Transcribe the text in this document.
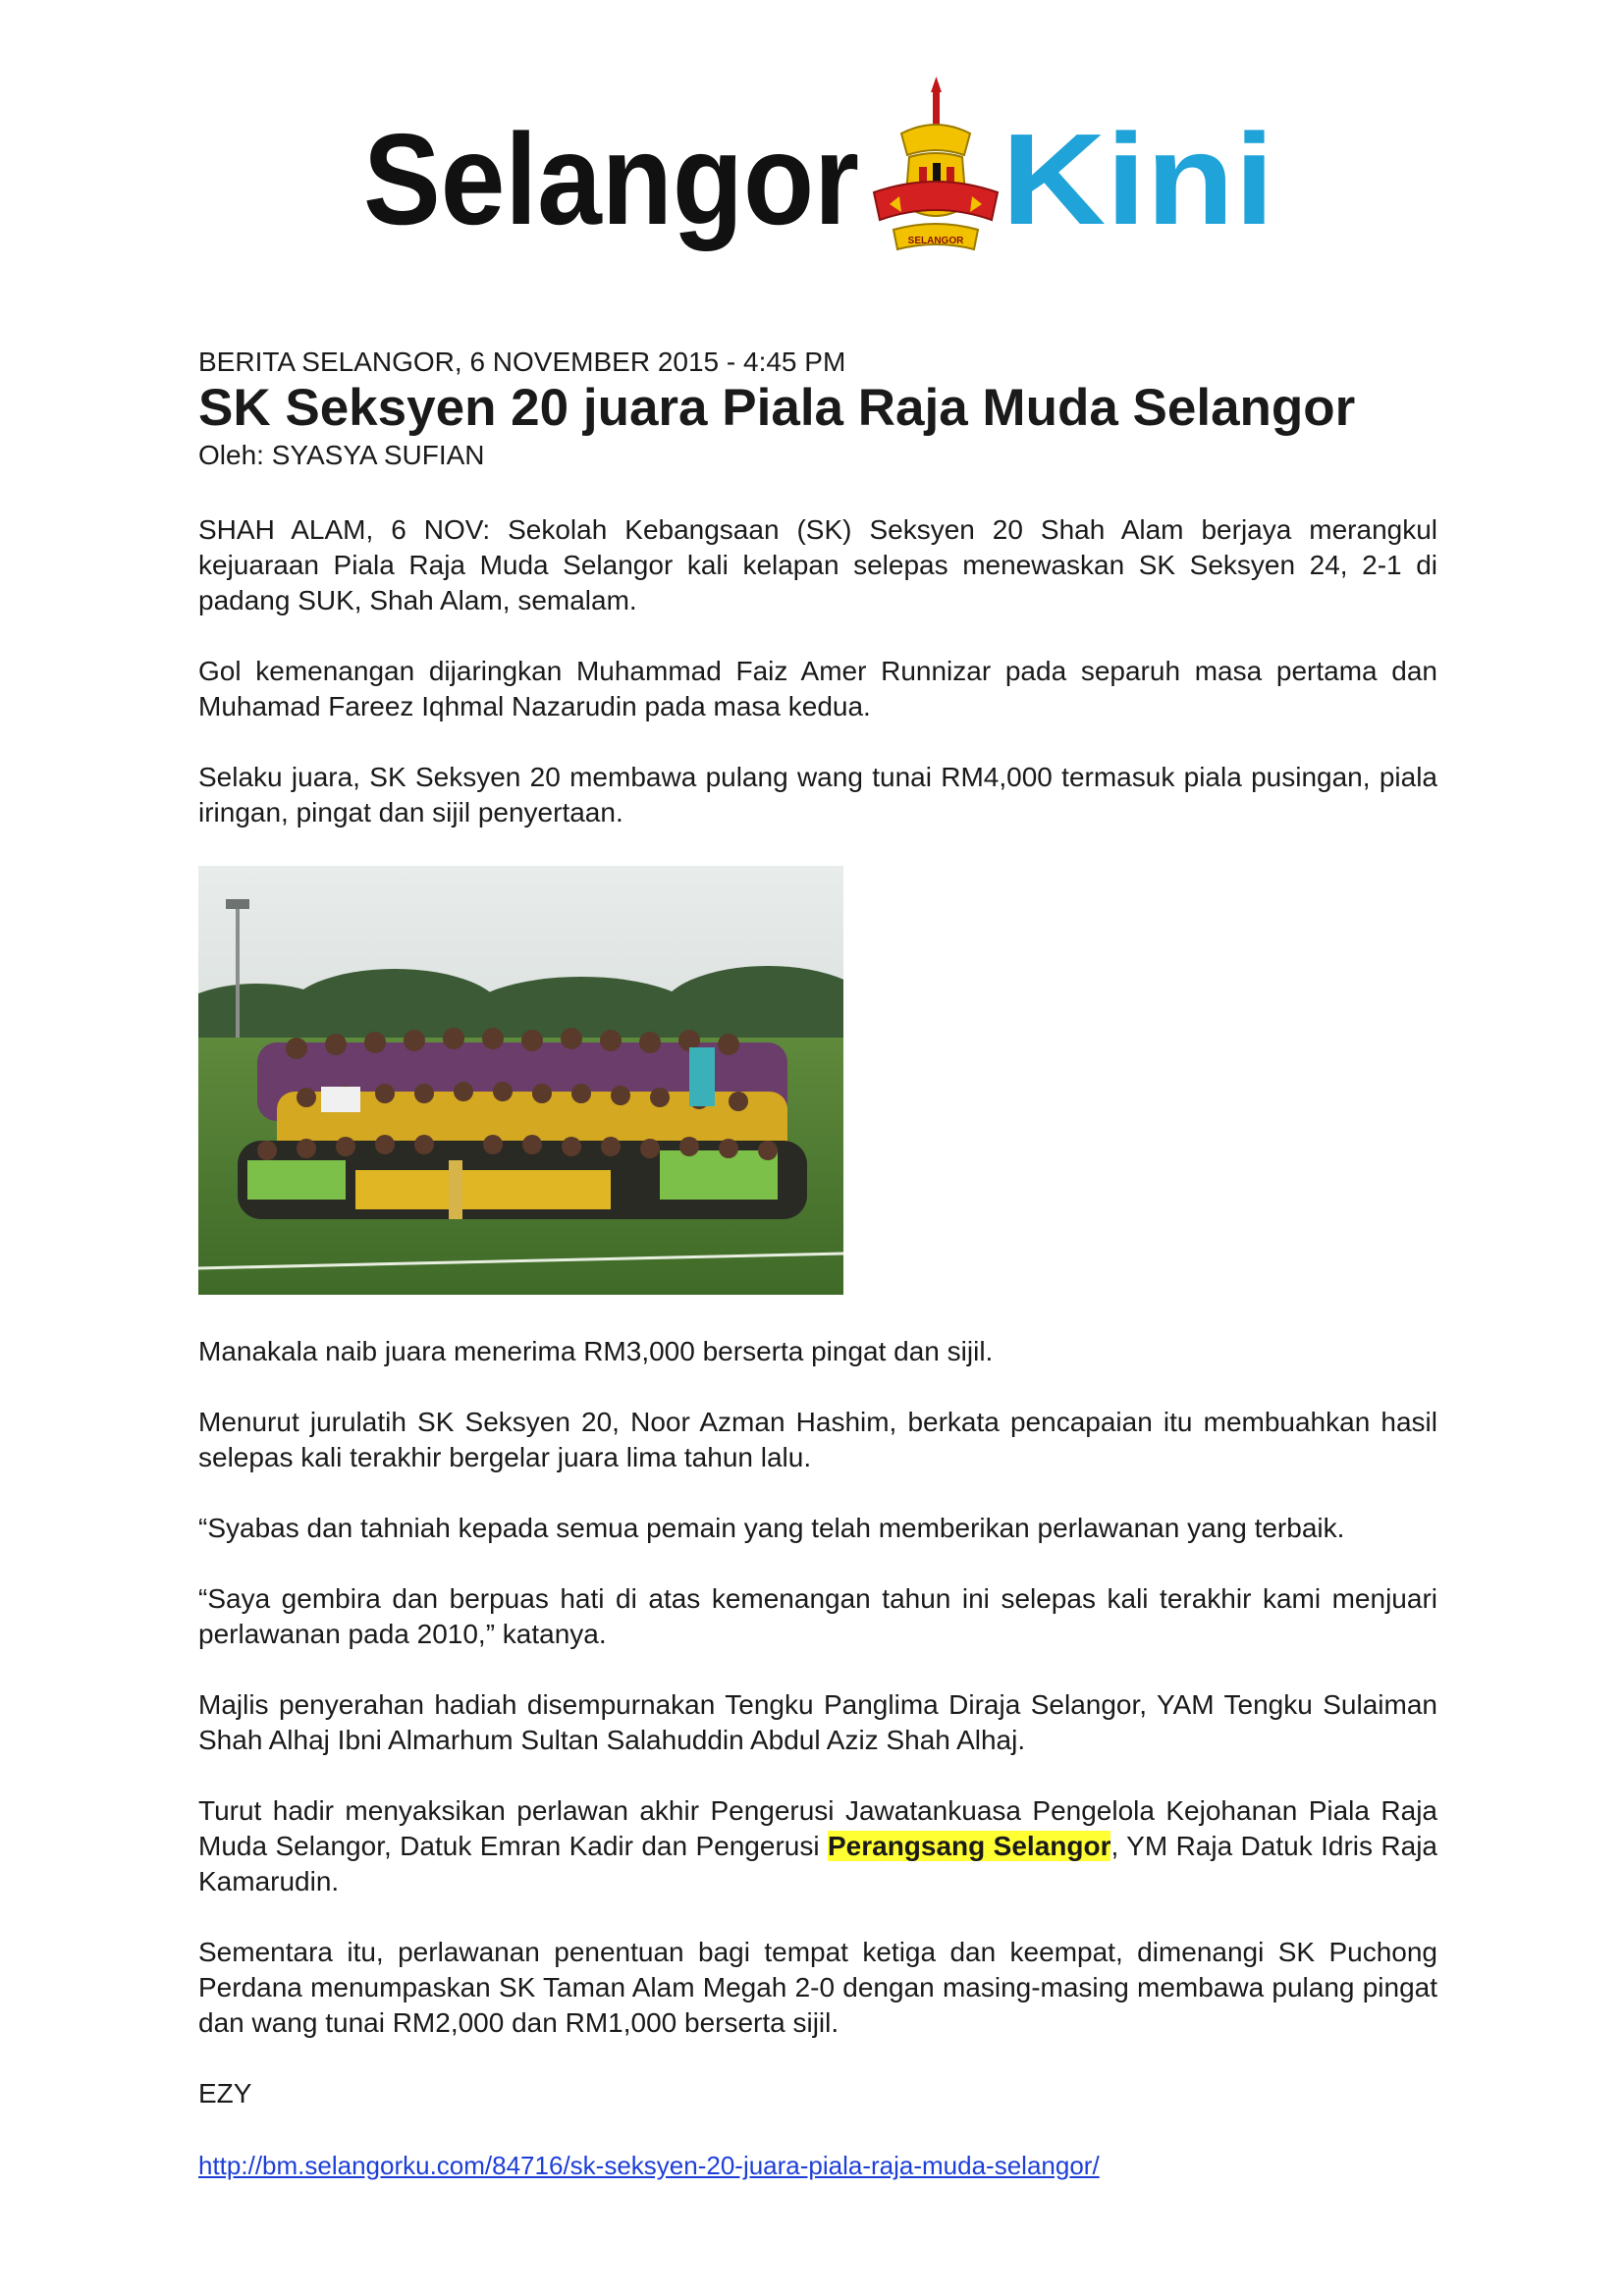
Selangor	SELANGOR Kini

BERITA SELANGOR, 6 NOVEMBER 2015 - 4:45 PM

SK Seksyen 20 juara Piala Raja Muda Selangor

Oleh: SYASYA SUFIAN

SHAH ALAM, 6 NOV: Sekolah Kebangsaan (SK) Seksyen 20 Shah Alam berjaya merangkul kejuaraan Piala Raja Muda Selangor kali kelapan selepas menewaskan SK Seksyen 24, 2-1 di padang SUK, Shah Alam, semalam.

Gol kemenangan dijaringkan Muhammad Faiz Amer Runnizar pada separuh masa pertama dan Muhamad Fareez Iqhmal Nazarudin pada masa kedua.

Selaku juara, SK Seksyen 20 membawa pulang wang tunai RM4,000 termasuk piala pusingan, piala iringan, pingat dan sijil penyertaan.

Manakala naib juara menerima RM3,000 berserta pingat dan sijil.

Menurut jurulatih SK Seksyen 20, Noor Azman Hashim, berkata pencapaian itu membuahkan hasil selepas kali terakhir bergelar juara lima tahun lalu.

“Syabas dan tahniah kepada semua pemain yang telah memberikan perlawanan yang terbaik.

“Saya gembira dan berpuas hati di atas kemenangan tahun ini selepas kali terakhir kami menjuari perlawanan pada 2010,” katanya.

Majlis penyerahan hadiah disempurnakan Tengku Panglima Diraja Selangor, YAM Tengku Sulaiman Shah Alhaj Ibni Almarhum Sultan Salahuddin Abdul Aziz Shah Alhaj.

Turut hadir menyaksikan perlawan akhir Pengerusi Jawatankuasa Pengelola Kejohanan Piala Raja Muda Selangor, Datuk Emran Kadir dan Pengerusi Perangsang Selangor, YM Raja Datuk Idris Raja Kamarudin.

Sementara itu, perlawanan penentuan bagi tempat ketiga dan keempat, dimenangi SK Puchong Perdana menumpaskan SK Taman Alam Megah 2-0 dengan masing-masing membawa pulang pingat dan wang tunai RM2,000 dan RM1,000 berserta sijil.

EZY

http://bm.selangorku.com/84716/sk-seksyen-20-juara-piala-raja-muda-selangor/
